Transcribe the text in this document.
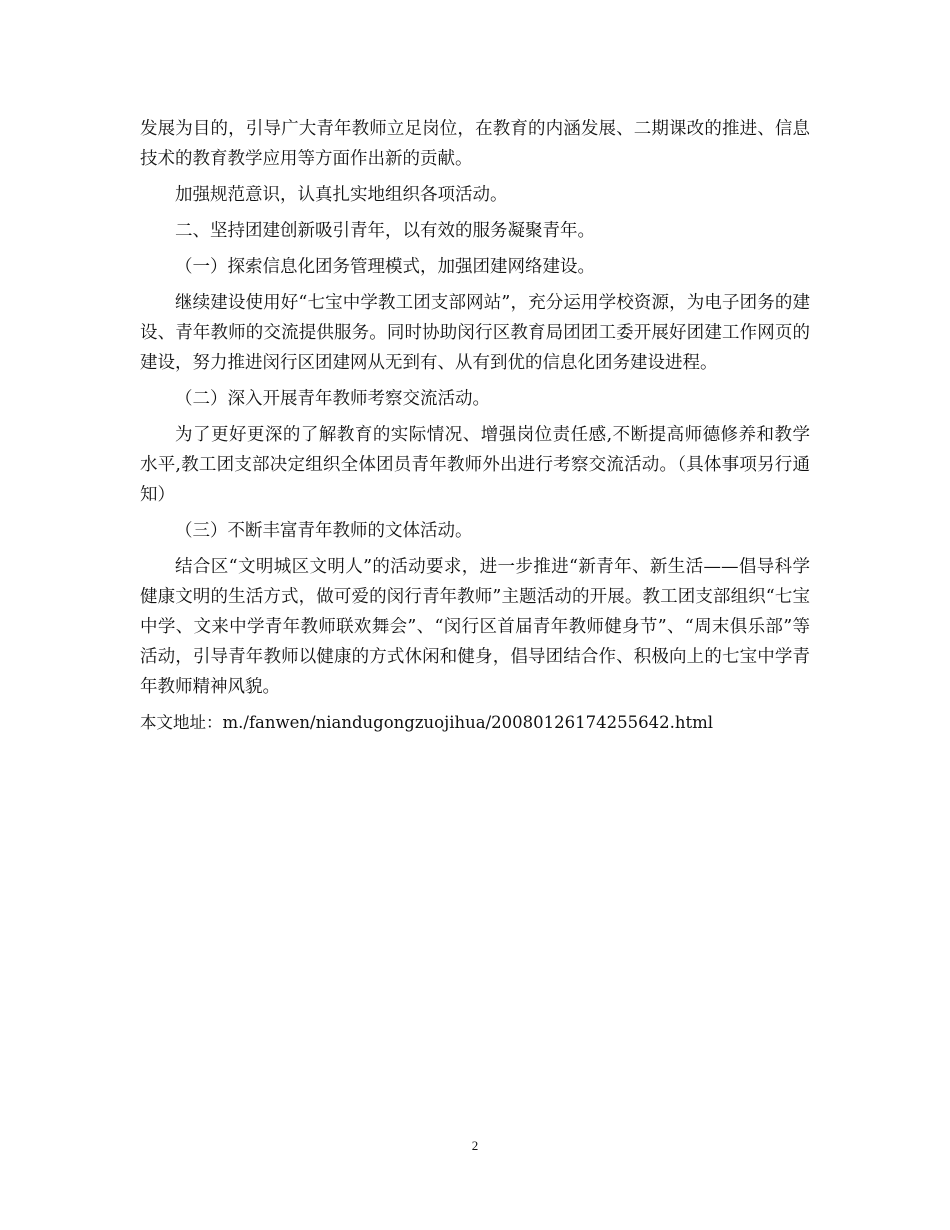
发展为目的，引导广大青年教师立足岗位，在教育的内涵发展、二期课改的推进、信息技术的教育教学应用等方面作出新的贡献。

加强规范意识，认真扎实地组织各项活动。

二、坚持团建创新吸引青年，以有效的服务凝聚青年。

（一）探索信息化团务管理模式，加强团建网络建设。

继续建设使用好“七宝中学教工团支部网站”，充分运用学校资源，为电子团务的建设、青年教师的交流提供服务。同时协助闵行区教育局团团工委开展好团建工作网页的建设，努力推进闵行区团建网从无到有、从有到优的信息化团务建设进程。

（二）深入开展青年教师考察交流活动。

为了更好更深的了解教育的实际情况、增强岗位责任感,不断提高师德修养和教学水平,教工团支部决定组织全体团员青年教师外出进行考察交流活动。（具体事项另行通知）

（三）不断丰富青年教师的文体活动。

结合区“文明城区文明人”的活动要求，进一步推进“新青年、新生活——倡导科学健康文明的生活方式，做可爱的闵行青年教师”主题活动的开展。教工团支部组织“七宝中学、文来中学青年教师联欢舞会”、“闵行区首届青年教师健身节”、“周末俱乐部”等活动，引导青年教师以健康的方式休闲和健身，倡导团结合作、积极向上的七宝中学青年教师精神风貌。

本文地址：m./fanwen/niandugongzuojihua/20080126174255642.html

2
